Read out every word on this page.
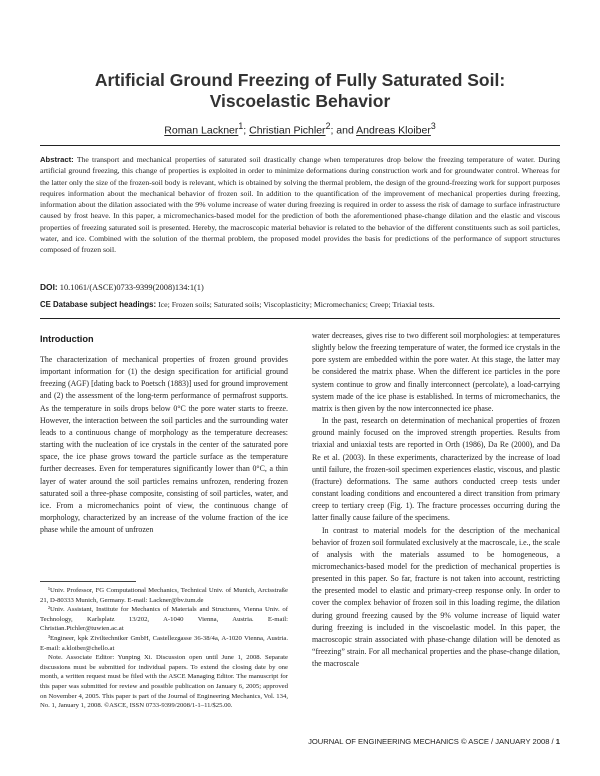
Artificial Ground Freezing of Fully Saturated Soil:
Viscoelastic Behavior
Roman Lackner$^1$; Christian Pichler$^2$; and Andreas Kloiber$^3$
Abstract: The transport and mechanical properties of saturated soil drastically change when temperatures drop below the freezing temperature of water. During artificial ground freezing, this change of properties is exploited in order to minimize deformations during construction work and for groundwater control. Whereas for the latter only the size of the frozen-soil body is relevant, which is obtained by solving the thermal problem, the design of the ground-freezing work for support purposes requires information about the mechanical behavior of frozen soil. In addition to the quantification of the improvement of mechanical properties during freezing, information about the dilation associated with the 9% volume increase of water during freezing is required in order to assess the risk of damage to surface infrastructure caused by frost heave. In this paper, a micromechanics-based model for the prediction of both the aforementioned phase-change dilation and the elastic and viscous properties of freezing saturated soil is presented. Hereby, the macroscopic material behavior is related to the behavior of the different constituents such as soil particles, water, and ice. Combined with the solution of the thermal problem, the proposed model provides the basis for predictions of the performance of support structures composed of frozen soil.
DOI: 10.1061/(ASCE)0733-9399(2008)134:1(1)
CE Database subject headings: Ice; Frozen soils; Saturated soils; Viscoplasticity; Micromechanics; Creep; Triaxial tests.
Introduction

The characterization of mechanical properties of frozen ground provides important information for (1) the design specification for artificial ground freezing (AGF) [dating back to Poetsch (1883)] used for ground improvement and (2) the assessment of the long-term performance of permafrost supports. As the temperature in soils drops below 0°C the pore water starts to freeze. However, the interaction between the soil particles and the surrounding water leads to a continuous change of morphology as the temperature decreases: starting with the nucleation of ice crystals in the center of the saturated pore space, the ice phase grows toward the particle surface as the temperature further decreases. Even for temperatures significantly lower than 0°C, a thin layer of water around the soil particles remains unfrozen, rendering frozen saturated soil a three-phase composite, consisting of soil particles, water, and ice. From a micromechanics point of view, the continuous change of morphology, characterized by an increase of the volume fraction of the ice phase while the amount of unfrozen

¹Univ. Professor, FG Computational Mechanics, Technical Univ. of Munich, Arcisstraße 21, D-80333 Munich, Germany. E-mail: Lackner@bv.tum.de

²Univ. Assistant, Institute for Mechanics of Materials and Structures, Vienna Univ. of Technology, Karlsplatz 13/202, A-1040 Vienna, Austria. E-mail: Christian.Pichler@tuwien.ac.at

³Engineer, kpk Ziviltechniker GmbH, Castellezgasse 36-38/4a, A-1020 Vienna, Austria. E-mail: a.kloiber@chello.at

Note. Associate Editor: Yunping Xi. Discussion open until June 1, 2008. Separate discussions must be submitted for individual papers. To extend the closing date by one month, a written request must be filed with the ASCE Managing Editor. The manuscript for this paper was submitted for review and possible publication on January 6, 2005; approved on November 4, 2005. This paper is part of the Journal of Engineering Mechanics, Vol. 134, No. 1, January 1, 2008. ©ASCE, ISSN 0733-9399/2008/1-1–11/$25.00.

water decreases, gives rise to two different soil morphologies: at temperatures slightly below the freezing temperature of water, the formed ice crystals in the pore system are embedded within the pore water. At this stage, the latter may be considered the matrix phase. When the different ice particles in the pore system continue to grow and finally interconnect (percolate), a load-carrying system made of the ice phase is established. In terms of micromechanics, the matrix is then given by the now interconnected ice phase.

In the past, research on determination of mechanical properties of frozen ground mainly focused on the improved strength properties. Results from triaxial and uniaxial tests are reported in Orth (1986), Da Re (2000), and Da Re et al. (2003). In these experiments, characterized by the increase of load until failure, the frozen-soil specimen experiences elastic, viscous, and plastic (fracture) deformations. The same authors conducted creep tests under constant loading conditions and encountered a direct transition from primary creep to tertiary creep (Fig. 1). The fracture processes occurring during the latter finally cause failure of the specimens.

In contrast to material models for the description of the mechanical behavior of frozen soil formulated exclusively at the macroscale, i.e., the scale of analysis with the materials assumed to be homogeneous, a micromechanics-based model for the prediction of mechanical properties is presented in this paper. So far, fracture is not taken into account, restricting the presented model to elastic and primary-creep response only. In order to cover the complex behavior of frozen soil in this loading regime, the dilation during ground freezing caused by the 9% volume increase of liquid water during freezing is included in the viscoelastic model. In this paper, the macroscopic strain associated with phase-change dilation will be denoted as “freezing” strain. For all mechanical properties and the phase-change dilation, the macroscale

JOURNAL OF ENGINEERING MECHANICS © ASCE / JANUARY 2008 / 1
